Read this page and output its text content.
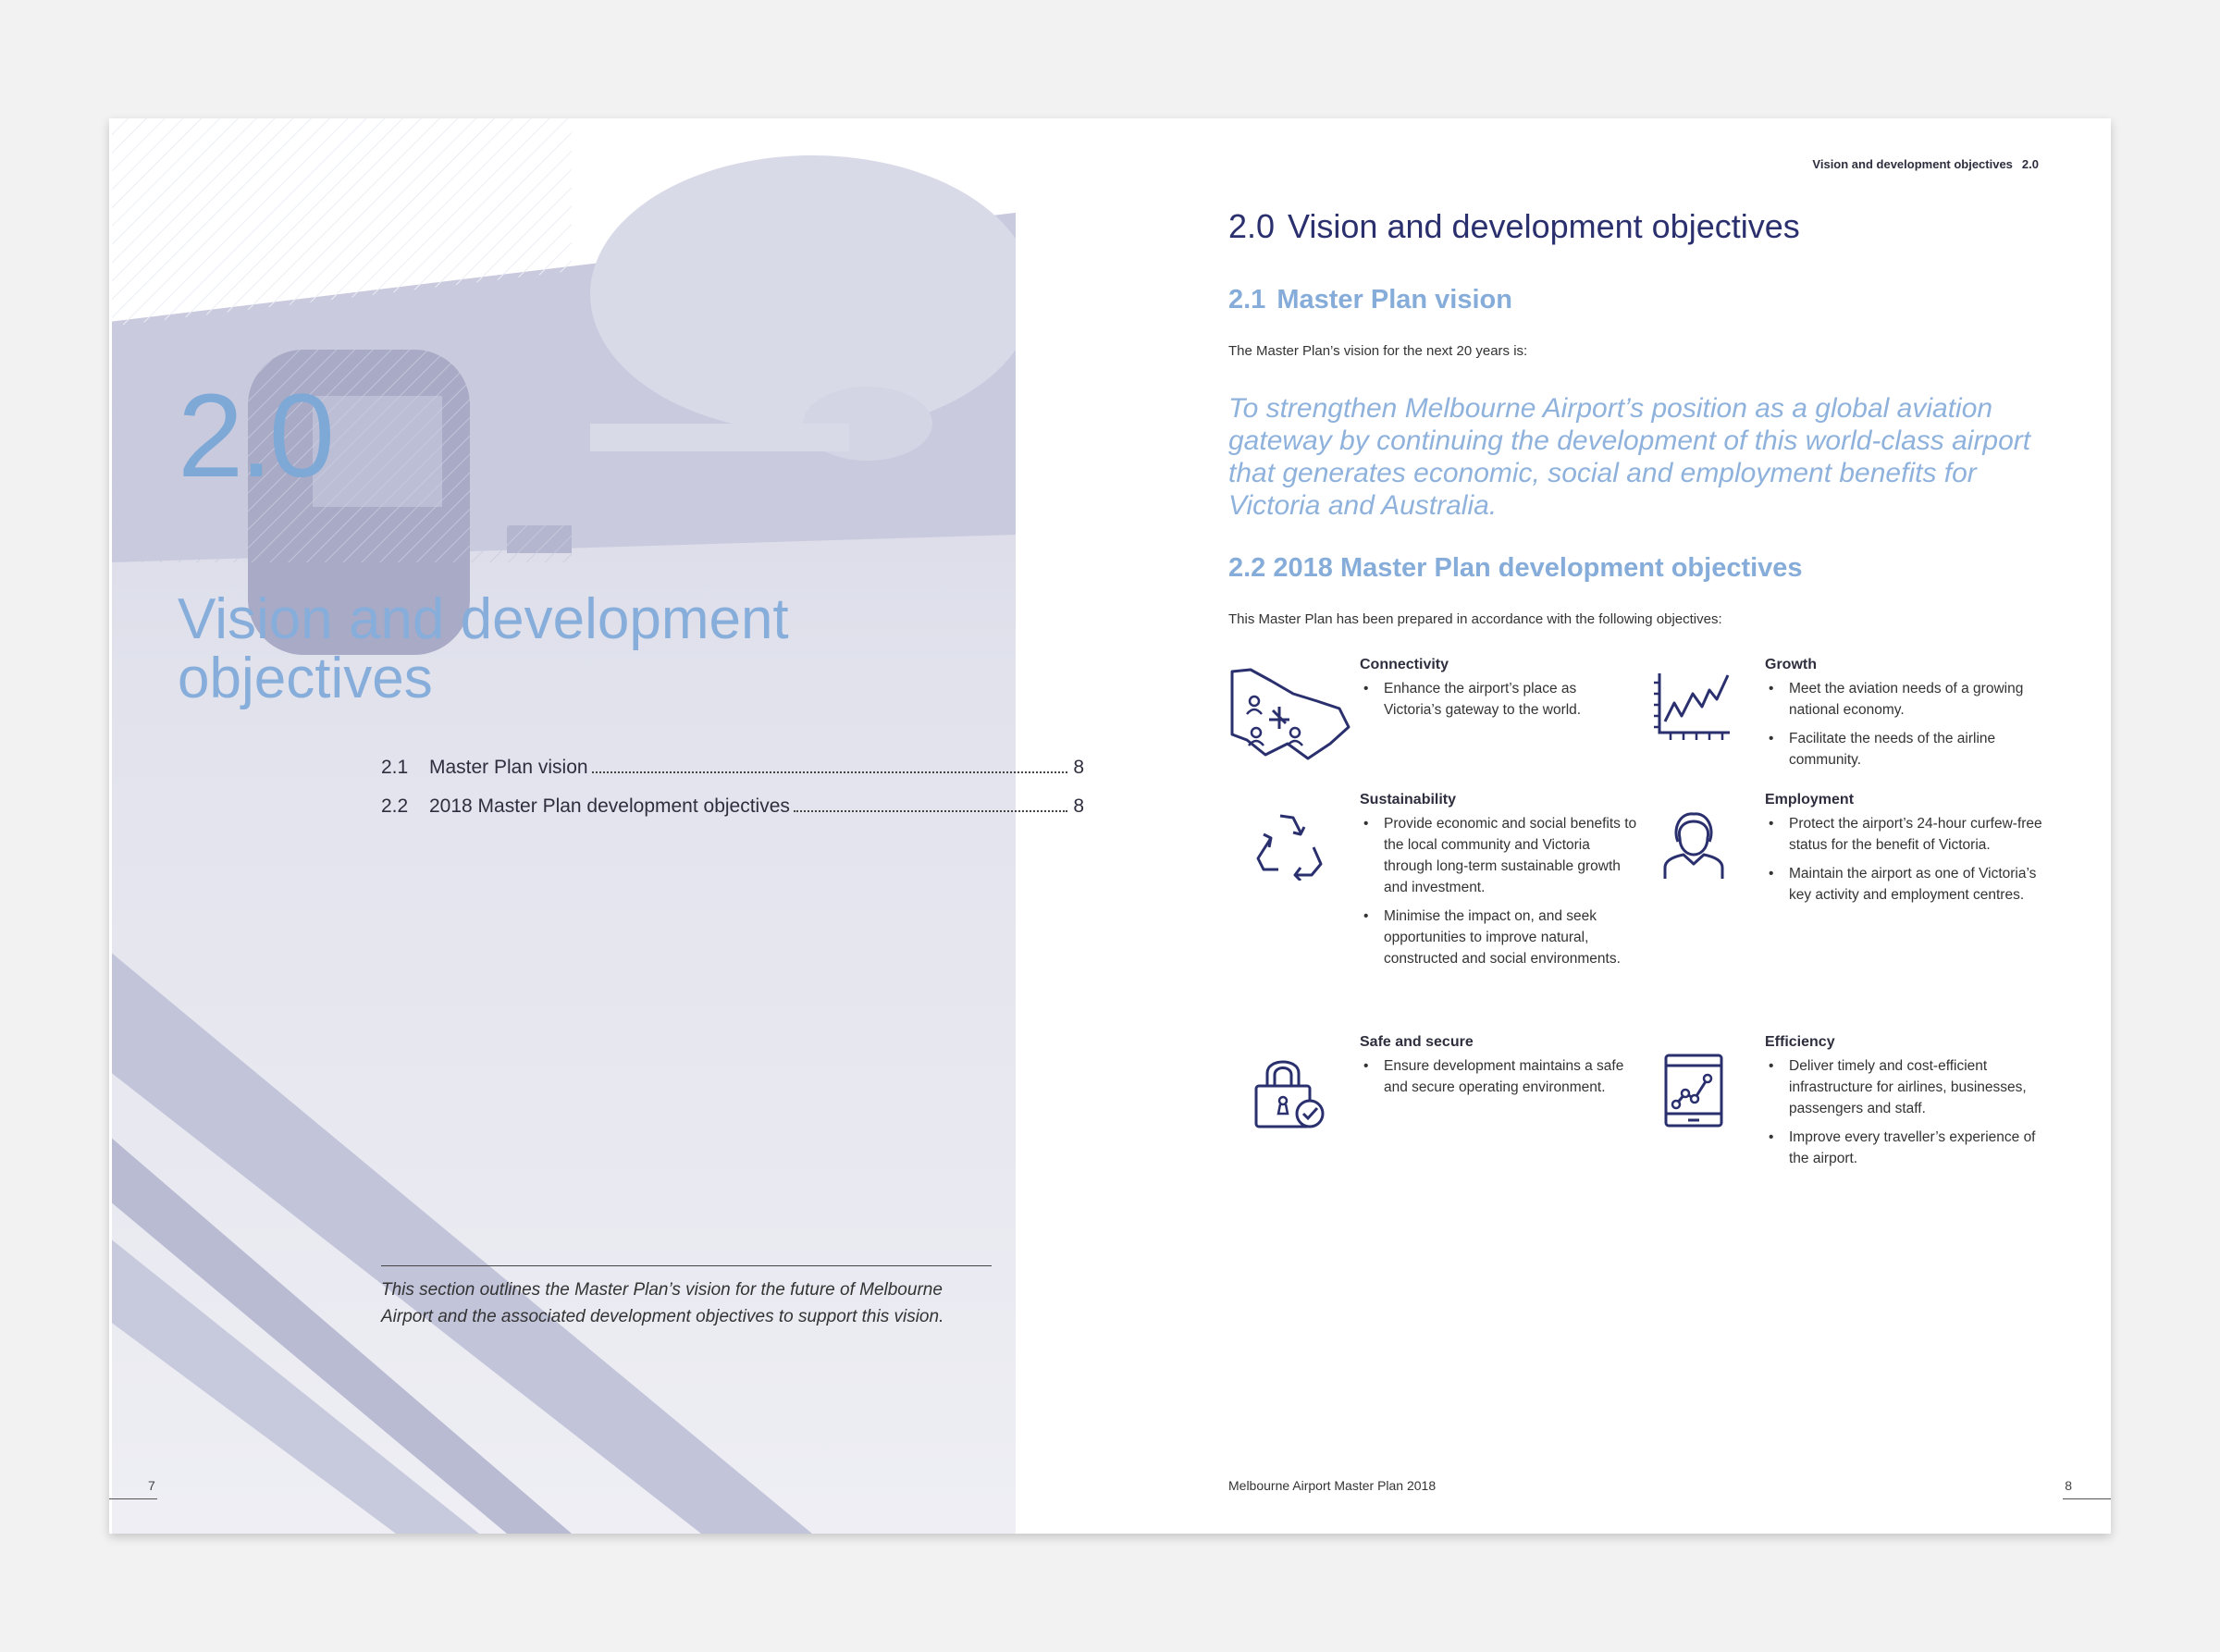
2.0
Vision and development objectives
2.1	Master Plan vision	8
2.2	2018 Master Plan development objectives	8
This section outlines the Master Plan’s vision for the future of Melbourne Airport and the associated development objectives to support this vision.
7
Vision and development objectives 2.0
2.0 Vision and development objectives
2.1 Master Plan vision
The Master Plan’s vision for the next 20 years is:
To strengthen Melbourne Airport’s position as a global aviation gateway by continuing the development of this world-class airport that generates economic, social and employment benefits for Victoria and Australia.
2.2 2018 Master Plan development objectives
This Master Plan has been prepared in accordance with the following objectives:
Connectivity
• Enhance the airport’s place as Victoria’s gateway to the world.
Growth
• Meet the aviation needs of a growing national economy.
• Facilitate the needs of the airline community.
Sustainability
• Provide economic and social benefits to the local community and Victoria through long-term sustainable growth and investment.
• Minimise the impact on, and seek opportunities to improve natural, constructed and social environments.
Employment
• Protect the airport’s 24-hour curfew-free status for the benefit of Victoria.
• Maintain the airport as one of Victoria’s key activity and employment centres.
Safe and secure
• Ensure development maintains a safe and secure operating environment.
Efficiency
• Deliver timely and cost-efficient infrastructure for airlines, businesses, passengers and staff.
• Improve every traveller’s experience of the airport.
Melbourne Airport Master Plan 2018	8
